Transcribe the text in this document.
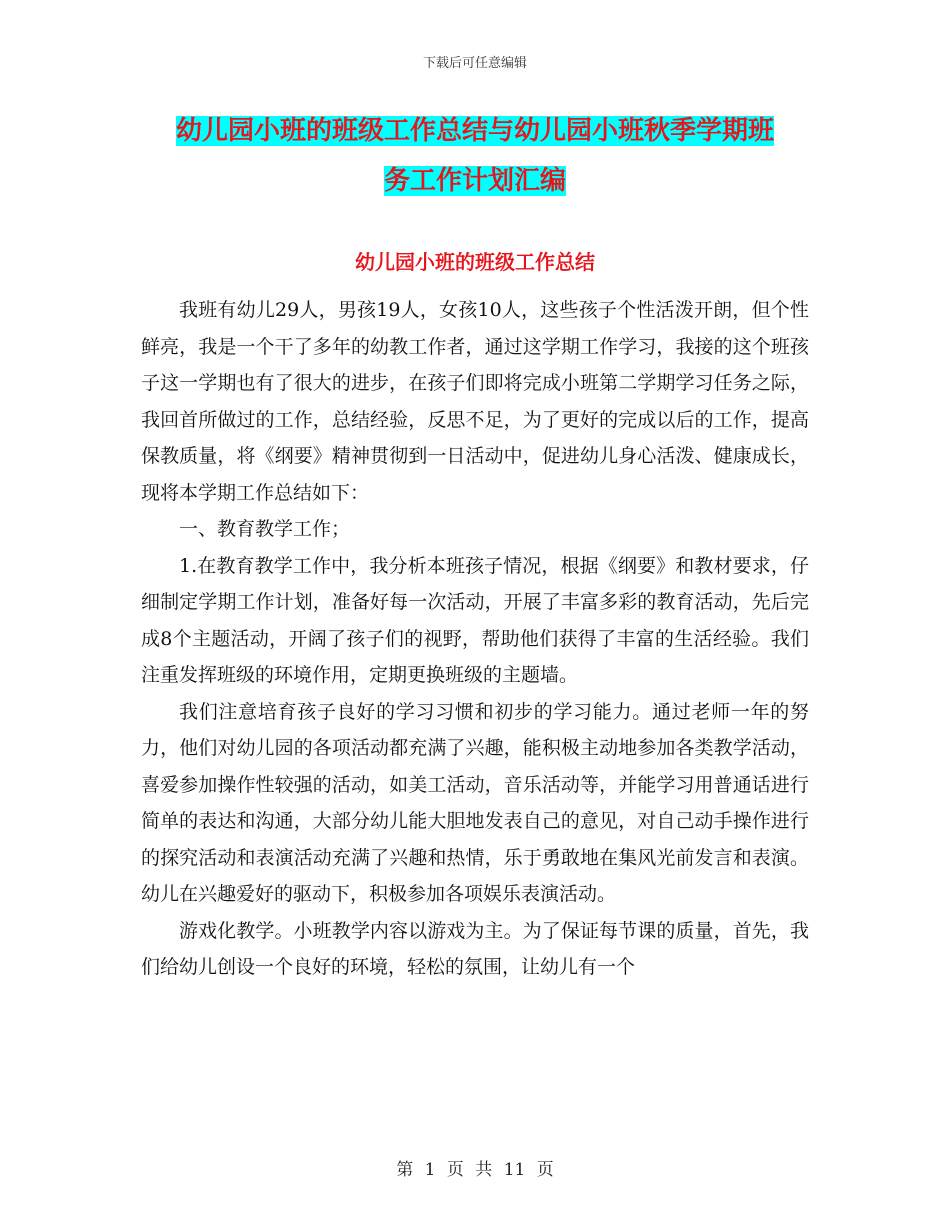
下载后可任意编辑
幼儿园小班的班级工作总结与幼儿园小班秋季学期班
务工作计划汇编
幼儿园小班的班级工作总结

我班有幼儿29人，男孩19人，女孩10人，这些孩子个性活泼开朗，但个性鲜亮，我是一个干了多年的幼教工作者，通过这学期工作学习，我接的这个班孩子这一学期也有了很大的进步，在孩子们即将完成小班第二学期学习任务之际，我回首所做过的工作，总结经验，反思不足，为了更好的完成以后的工作，提高保教质量，将《纲要》精神贯彻到一日活动中，促进幼儿身心活泼、健康成长，现将本学期工作总结如下：

一、教育教学工作；

1.在教育教学工作中，我分析本班孩子情况，根据《纲要》和教材要求，仔细制定学期工作计划，准备好每一次活动，开展了丰富多彩的教育活动，先后完成8个主题活动，开阔了孩子们的视野，帮助他们获得了丰富的生活经验。我们注重发挥班级的环境作用，定期更换班级的主题墙。

我们注意培育孩子良好的学习习惯和初步的学习能力。通过老师一年的努力，他们对幼儿园的各项活动都充满了兴趣，能积极主动地参加各类教学活动，喜爱参加操作性较强的活动，如美工活动，音乐活动等，并能学习用普通话进行简单的表达和沟通，大部分幼儿能大胆地发表自己的意见，对自己动手操作进行的探究活动和表演活动充满了兴趣和热情，乐于勇敢地在集风光前发言和表演。幼儿在兴趣爱好的驱动下，积极参加各项娱乐表演活动。

游戏化教学。小班教学内容以游戏为主。为了保证每节课的质量，首先，我们给幼儿创设一个良好的环境，轻松的氛围，让幼儿有一个

第 1 页 共 11 页
